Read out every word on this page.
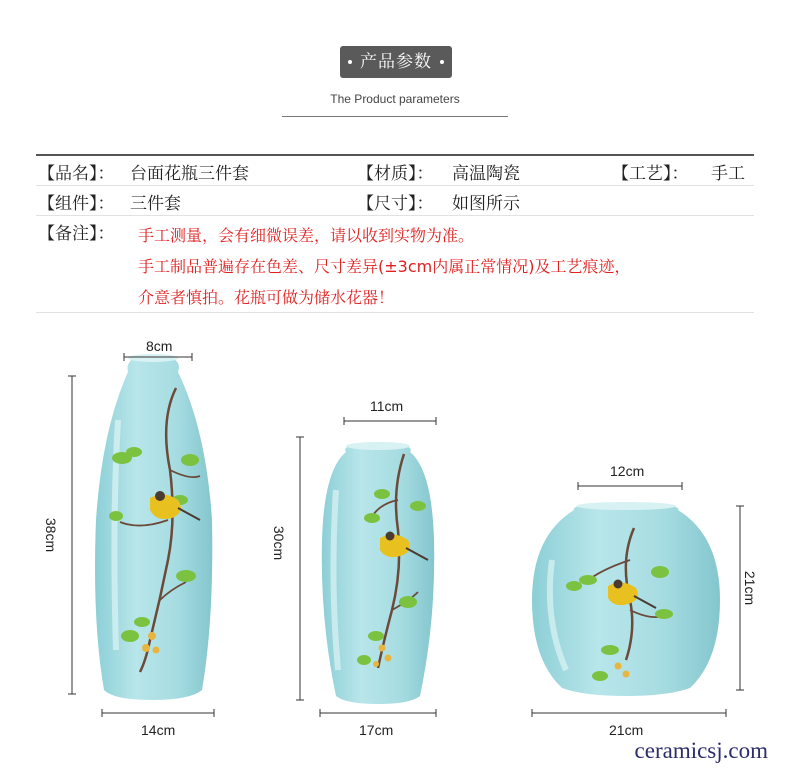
产品参数
The Product parameters
【品名】： 台面花瓶三件套	【材质】： 高温陶瓷	【工艺】： 手工
【组件】： 三件套	【尺寸】： 如图所示
【备注】： 手工测量，会有细微误差，请以收到实物为准。
手工制品普遍存在色差、尺寸差异(±3cm内属正常情况)及工艺痕迹，
介意者慎拍。花瓶可做为储水花器！
8cm
38cm
14cm
11cm
30cm
17cm
12cm
21cm
21cm
ceramicsj.com
